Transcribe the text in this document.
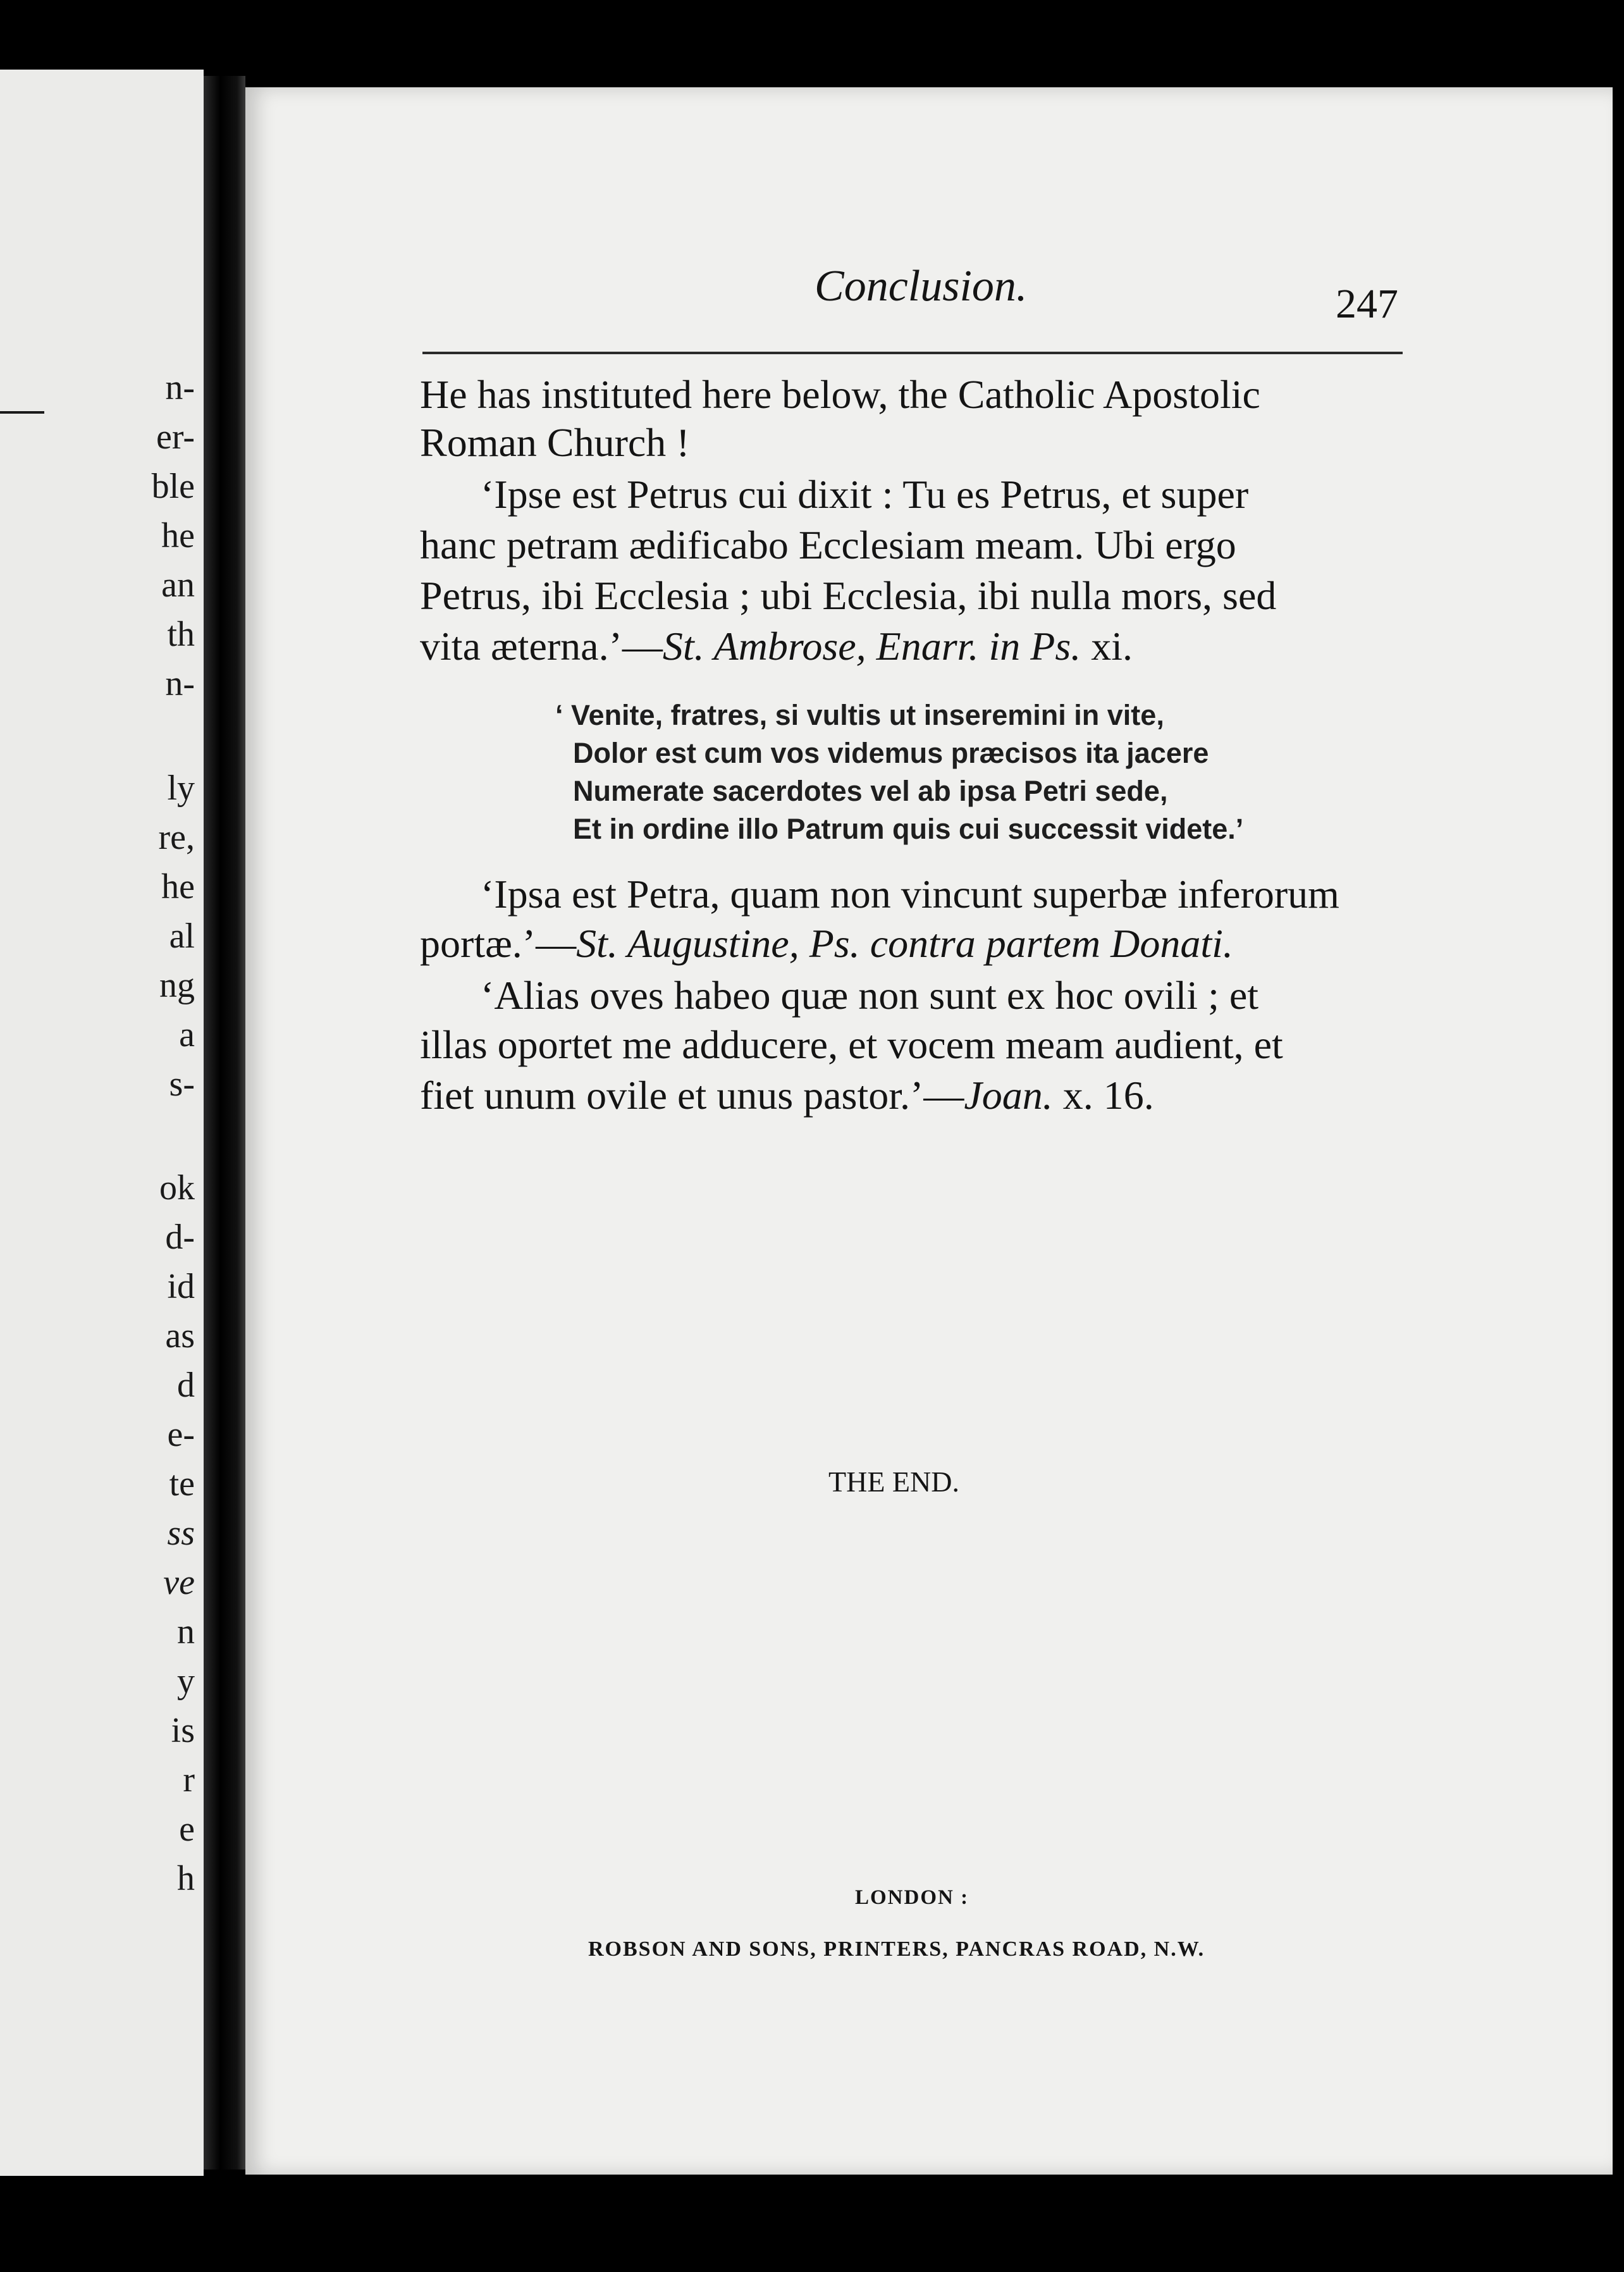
n-
er-
ble
he
an
th
n-
ly
re,
he
al
ng
a
s-
ok
d-
id
as
d
e-
te
ss
ve
n
y
is
r
e
h
Conclusion.	247
He has instituted here below, the Catholic Apostolic
Roman Church !
‘Ipse est Petrus cui dixit : Tu es Petrus, et super
hanc petram ædificabo Ecclesiam meam. Ubi ergo
Petrus, ibi Ecclesia ; ubi Ecclesia, ibi nulla mors, sed
vita æterna.’—St. Ambrose, Enarr. in Ps. xi.
‘ Venite, fratres, si vultis ut inseremini in vite,
Dolor est cum vos videmus præcisos ita jacere
Numerate sacerdotes vel ab ipsa Petri sede,
Et in ordine illo Patrum quis cui successit videte.’
‘Ipsa est Petra, quam non vincunt superbæ inferorum
portæ.’—St. Augustine, Ps. contra partem Donati.
‘Alias oves habeo quæ non sunt ex hoc ovili ; et
illas oportet me adducere, et vocem meam audient, et
fiet unum ovile et unus pastor.’—Joan. x. 16.
THE END.
LONDON :
ROBSON AND SONS, PRINTERS, PANCRAS ROAD, N.W.
